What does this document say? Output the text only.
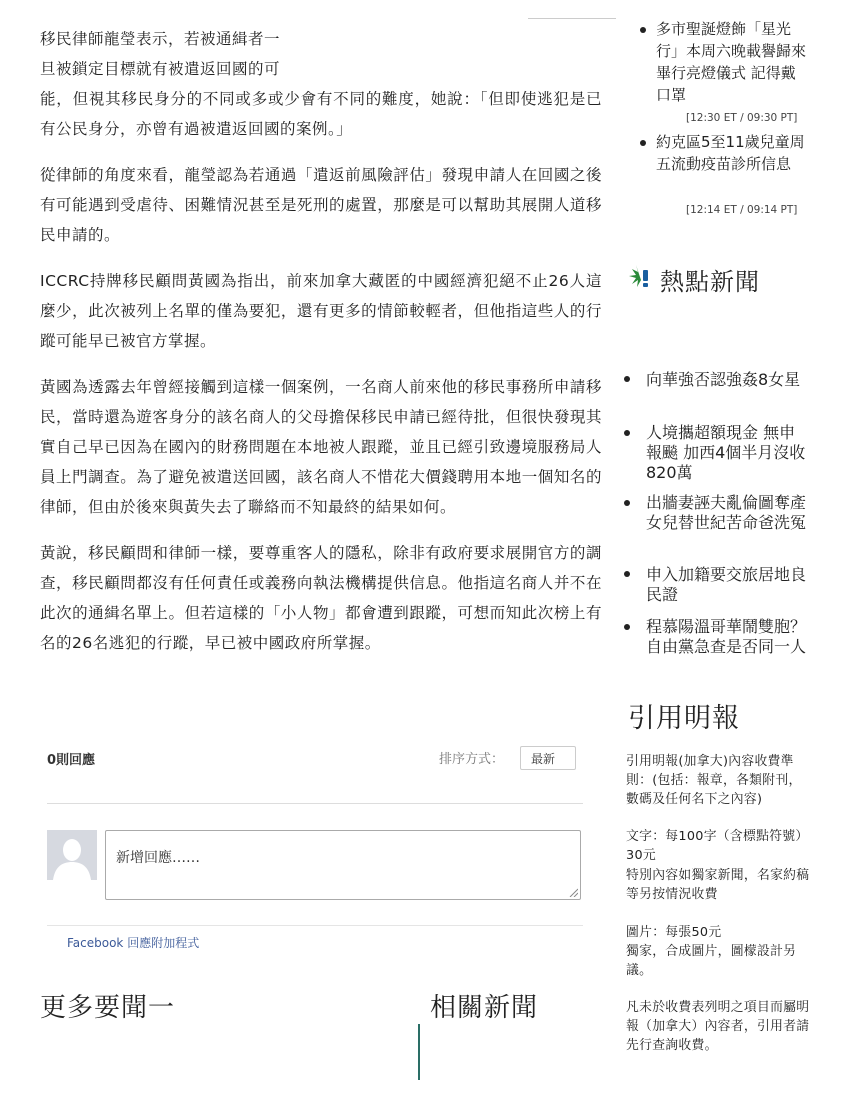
移民律師龍瑩表示，若被通緝者一

旦被鎖定目標就有被遣返回國的可

能，但視其移民身分的不同或多或少會有不同的難度，她說：「但即使逃犯是已有公民身分，亦曾有過被遣返回國的案例。」

從律師的角度來看，龍瑩認為若通過「遣返前風險評估」發現申請人在回國之後有可能遇到受虐待、困難情況甚至是死刑的處置，那麼是可以幫助其展開人道移民申請的。

ICCRC持牌移民顧問黃國為指出，前來加拿大藏匿的中國經濟犯絕不止26人這麼少，此次被列上名單的僅為要犯，還有更多的情節較輕者，但他指這些人的行蹤可能早已被官方掌握。

黃國為透露去年曾經接觸到這樣一個案例，一名商人前來他的移民事務所申請移民，當時還為遊客身分的該名商人的父母擔保移民申請已經待批，但很快發現其實自己早已因為在國內的財務問題在本地被人跟蹤，並且已經引致邊境服務局人員上門調查。為了避免被遣送回國，該名商人不惜花大價錢聘用本地一個知名的律師，但由於後來與黃失去了聯絡而不知最終的結果如何。

黃說，移民顧問和律師一樣，要尊重客人的隱私，除非有政府要求展開官方的調查，移民顧問都沒有任何責任或義務向執法機構提供信息。他指這名商人并不在此次的通緝名單上。但若這樣的「小人物」都會遭到跟蹤，可想而知此次榜上有名的26名逃犯的行蹤，早已被中國政府所掌握。

0則回應	排序方式：	最新
新增回應……
Facebook 回應附加程式
更多要聞一	相關新聞
多市聖誕燈飾「星光行」本周六晚載譽歸來畢行亮燈儀式 記得戴口罩
[12:30 ET / 09:30 PT]
約克區5至11歲兒童周五流動疫苗診所信息
[12:14 ET / 09:14 PT]
熱點新聞
向華強否認強姦8女星
人境攜超額現金 無申報飈 加西4個半月沒收820萬
出牆妻誣夫亂倫圖奪產 女兒替世紀苦命爸洗冤
申入加籍要交旅居地良民證
程慕陽溫哥華鬧雙胞？自由黨急查是否同一人
引用明報
引用明報(加拿大)內容收費準則：(包括：報章，各類附刊，數碼及任何名下之內容)
文字：每100字（含標點符號）30元
特別內容如獨家新聞，名家約稿等另按情況收費
圖片：每張50元
獨家，合成圖片，圖檬設計另議。
凡未於收費表列明之項目而屬明報（加拿大）內容者，引用者請先行查詢收費。
